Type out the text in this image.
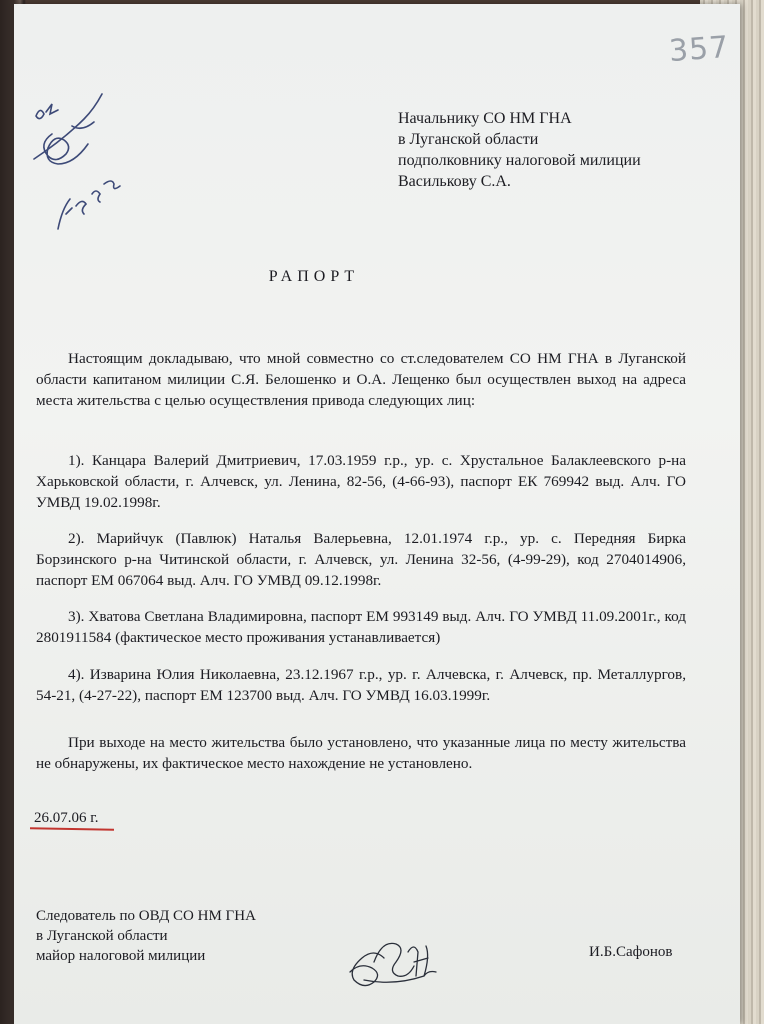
357
Начальнику СО НМ ГНА
в Луганской области
подполковнику налоговой милиции
Василькову С.А.
РАПОРТ

Настоящим докладываю, что мной совместно со ст.следователем СО НМ ГНА в Луганской области капитаном милиции С.Я. Белошенко и О.А. Лещенко был осуществлен выход на адреса места жительства с целью осуществления привода следующих лиц:

1). Канцара Валерий Дмитриевич, 17.03.1959 г.р., ур. с. Хрустальное Балаклеевского р-на Харьковской области, г. Алчевск, ул. Ленина, 82-56, (4-66-93), паспорт ЕК 769942 выд. Алч. ГО УМВД 19.02.1998г.

2). Марийчук (Павлюк) Наталья Валерьевна, 12.01.1974 г.р., ур. с. Передняя Бирка Борзинского р-на Читинской области, г. Алчевск, ул. Ленина 32-56, (4-99-29), код 2704014906, паспорт ЕМ 067064 выд. Алч. ГО УМВД 09.12.1998г.

3). Хватова Светлана Владимировна, паспорт ЕМ 993149 выд. Алч. ГО УМВД 11.09.2001г., код 2801911584 (фактическое место проживания устанавливается)

4). Изварина Юлия Николаевна, 23.12.1967 г.р., ур. г. Алчевска, г. Алчевск, пр. Металлургов, 54-21, (4-27-22), паспорт ЕМ 123700 выд. Алч. ГО УМВД 16.03.1999г.

При выходе на место жительства было установлено, что указанные лица по месту жительства не обнаружены, их фактическое место нахождение не установлено.

26.07.06 г.
Следователь по ОВД СО НМ ГНА
в Луганской области
майор налоговой милиции	И.Б.Сафонов
